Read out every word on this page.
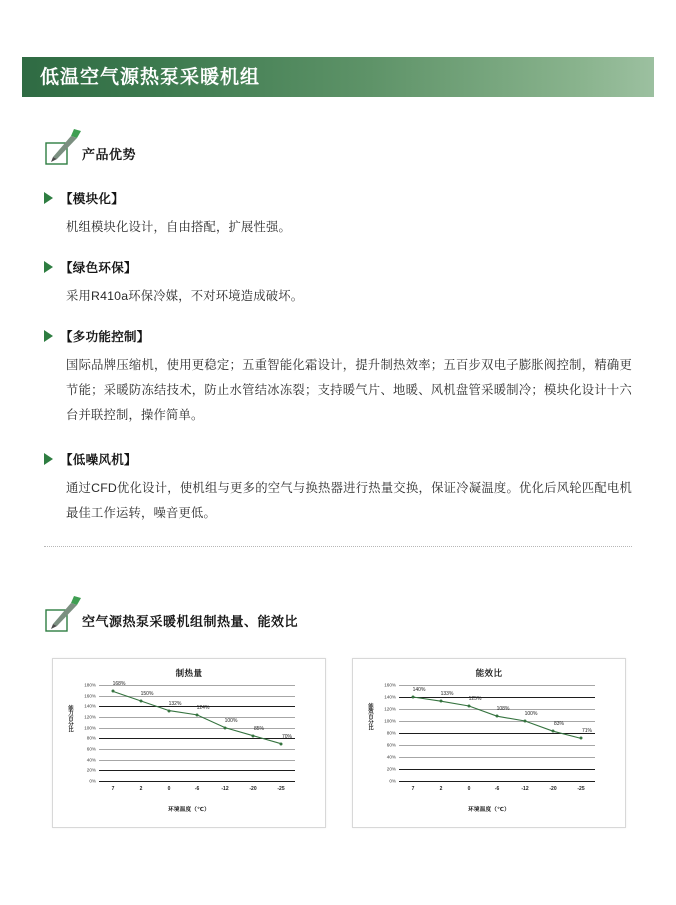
低温空气源热泵采暖机组
产品优势
【模块化】
机组模块化设计，自由搭配，扩展性强。
【绿色环保】
采用R410a环保冷媒，不对环境造成破坏。
【多功能控制】
国际品牌压缩机，使用更稳定；五重智能化霜设计，提升制热效率；五百步双电子膨胀阀控制，精确更节能；采暖防冻结技术，防止水管结冰冻裂；支持暖气片、地暖、风机盘管采暖制冷；模块化设计十六台并联控制，操作简单。
【低噪风机】
通过CFD优化设计，使机组与更多的空气与换热器进行热量交换，保证冷凝温度。优化后风轮匹配电机最佳工作运转，噪音更低。
空气源热泵采暖机组制热量、能效比
制热量
0%
20%
40%
60%
80%
100%
120%
140%
160%
180%
7	2	0	-6	-12	-20	-25
168%
150%
132%
124%
100%
85%
70%
环境温度（℃）
能力百分比
能效比
0%
20%
40%
60%
80%
100%
120%
140%
160%
7	2	0	-6	-12	-20	-25
140%
133%
125%
108%
100%
83%
71%
环境温度（℃）
能效百分比
